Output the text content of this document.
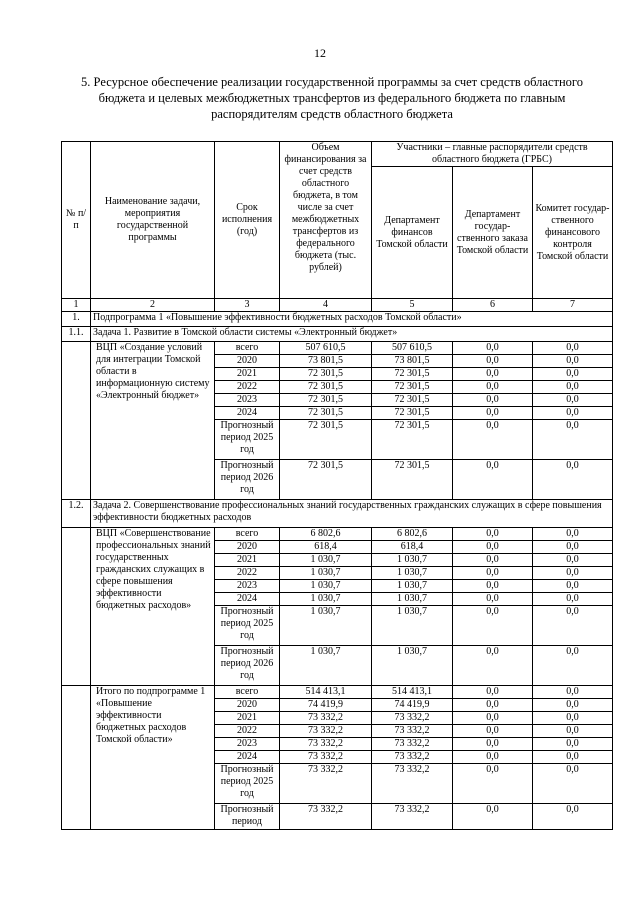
12
5. Ресурсное обеспечение реализации государственной программы за счет средств областного бюджета и целевых межбюджетных трансфертов из федерального бюджета по главным распорядителям средств областного бюджета
№ п/п	Наименование задачи, мероприятия государственной программы	Срок исполнения (год)	Объем финансирования за счет средств областного бюджета, в том числе за счет межбюджетных трансфертов из федерального бюджета (тыс. рублей)	Участники – главные распорядители средств областного бюджета (ГРБС)		
				Департамент финансов Томской области	Департамент государ-ственного заказа Томской области	Комитет государ-ственного финансового контроля Томской области
1	2	3	4	5	6	7
1.	Подпрограмма 1 «Повышение эффективности бюджетных расходов Томской области»					
1.1.	Задача 1. Развитие в Томской области системы «Электронный бюджет»					
	ВЦП «Создание условий для интеграции Томской области в информационную систему «Электронный бюджет»	всего	507 610,5	507 610,5	0,0	0,0
		2020	73 801,5	73 801,5	0,0	0,0
		2021	72 301,5	72 301,5	0,0	0,0
		2022	72 301,5	72 301,5	0,0	0,0
		2023	72 301,5	72 301,5	0,0	0,0
		2024	72 301,5	72 301,5	0,0	0,0
		Прогнозный период 2025 год	72 301,5	72 301,5	0,0	0,0
		Прогнозный период 2026 год	72 301,5	72 301,5	0,0	0,0
1.2.	Задача 2. Совершенствование профессиональных знаний государственных гражданских служащих в сфере повышения эффективности бюджетных расходов					
	ВЦП «Совершенствование профессиональных знаний государственных гражданских служащих в сфере повышения эффективности бюджетных расходов»	всего	6 802,6	6 802,6	0,0	0,0
		2020	618,4	618,4	0,0	0,0
		2021	1 030,7	1 030,7	0,0	0,0
		2022	1 030,7	1 030,7	0,0	0,0
		2023	1 030,7	1 030,7	0,0	0,0
		2024	1 030,7	1 030,7	0,0	0,0
		Прогнозный период 2025 год	1 030,7	1 030,7	0,0	0,0
		Прогнозный период 2026 год	1 030,7	1 030,7	0,0	0,0
	Итого по подпрограмме 1 «Повышение эффективности бюджетных расходов Томской области»	всего	514 413,1	514 413,1	0,0	0,0
		2020	74 419,9	74 419,9	0,0	0,0
		2021	73 332,2	73 332,2	0,0	0,0
		2022	73 332,2	73 332,2	0,0	0,0
		2023	73 332,2	73 332,2	0,0	0,0
		2024	73 332,2	73 332,2	0,0	0,0
		Прогнозный период 2025 год	73 332,2	73 332,2	0,0	0,0
		Прогнозный период	73 332,2	73 332,2	0,0	0,0
